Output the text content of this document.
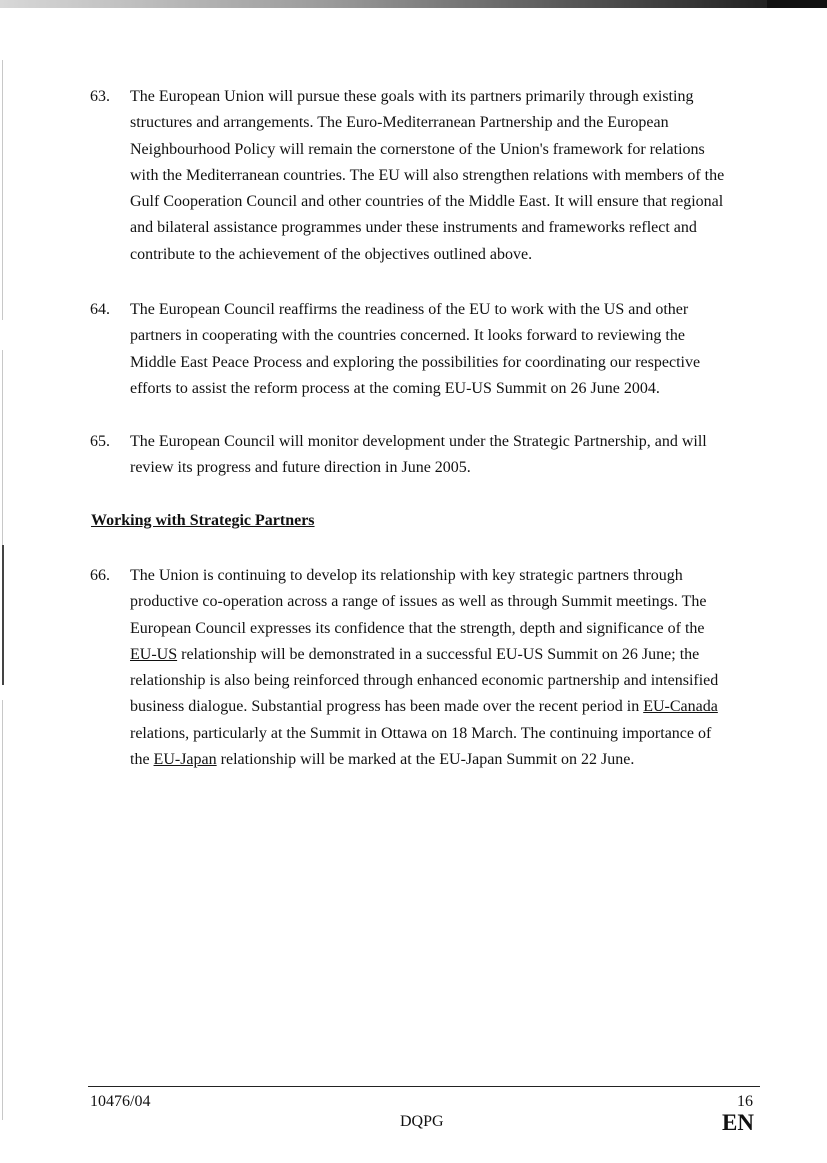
63. The European Union will pursue these goals with its partners primarily through existing
structures and arrangements. The Euro-Mediterranean Partnership and the European
Neighbourhood Policy will remain the cornerstone of the Union's framework for relations
with the Mediterranean countries. The EU will also strengthen relations with members of the
Gulf Cooperation Council and other countries of the Middle East. It will ensure that regional
and bilateral assistance programmes under these instruments and frameworks reflect and
contribute to the achievement of the objectives outlined above.
64. The European Council reaffirms the readiness of the EU to work with the US and other
partners in cooperating with the countries concerned. It looks forward to reviewing the
Middle East Peace Process and exploring the possibilities for coordinating our respective
efforts to assist the reform process at the coming EU-US Summit on 26 June 2004.
65. The European Council will monitor development under the Strategic Partnership, and will
review its progress and future direction in June 2005.
Working with Strategic Partners
66. The Union is continuing to develop its relationship with key strategic partners through
productive co-operation across a range of issues as well as through Summit meetings. The
European Council expresses its confidence that the strength, depth and significance of the
EU-US relationship will be demonstrated in a successful EU-US Summit on 26 June; the
relationship is also being reinforced through enhanced economic partnership and intensified
business dialogue. Substantial progress has been made over the recent period in EU-Canada
relations, particularly at the Summit in Ottawa on 18 March. The continuing importance of
the EU-Japan relationship will be marked at the EU-Japan Summit on 22 June.
10476/04
DQPG
16
EN
